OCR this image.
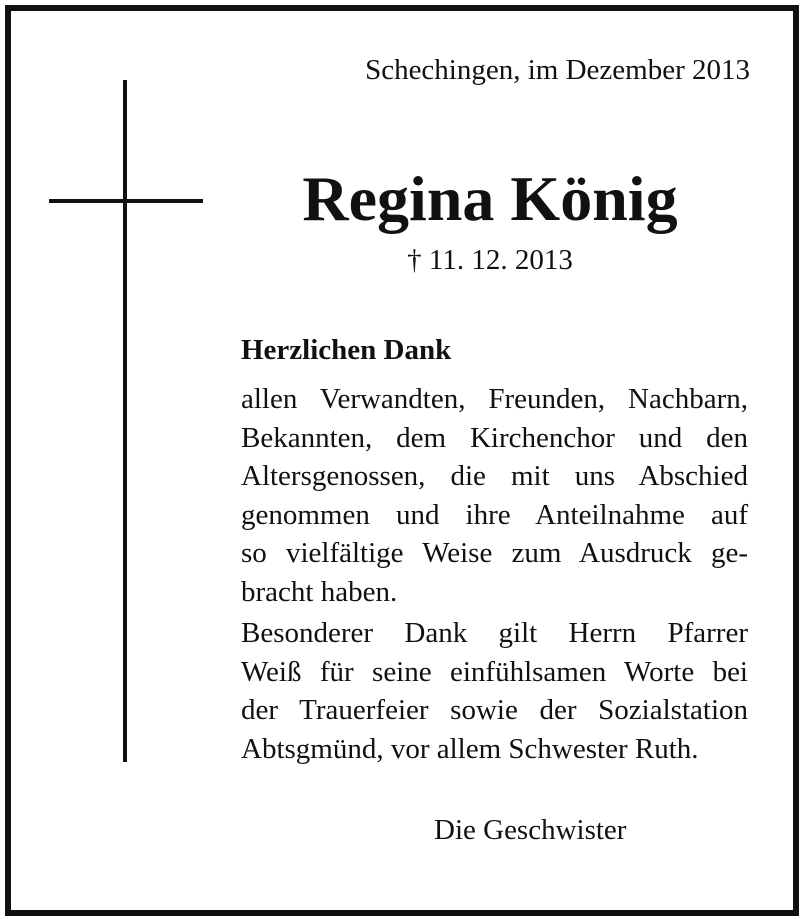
Schechingen, im Dezember 2013
Regina König
† 11. 12. 2013
Herzlichen Dank
allen Verwandten, Freunden, Nachbarn,
Bekannten, dem Kirchenchor und den
Altersgenossen, die mit uns Abschied
genommen und ihre Anteilnahme auf
so vielfältige Weise zum Ausdruck ge-
bracht haben.
Besonderer Dank gilt Herrn Pfarrer
Weiß für seine einfühlsamen Worte bei
der Trauerfeier sowie der Sozialstation
Abtsgmünd, vor allem Schwester Ruth.
Die Geschwister
